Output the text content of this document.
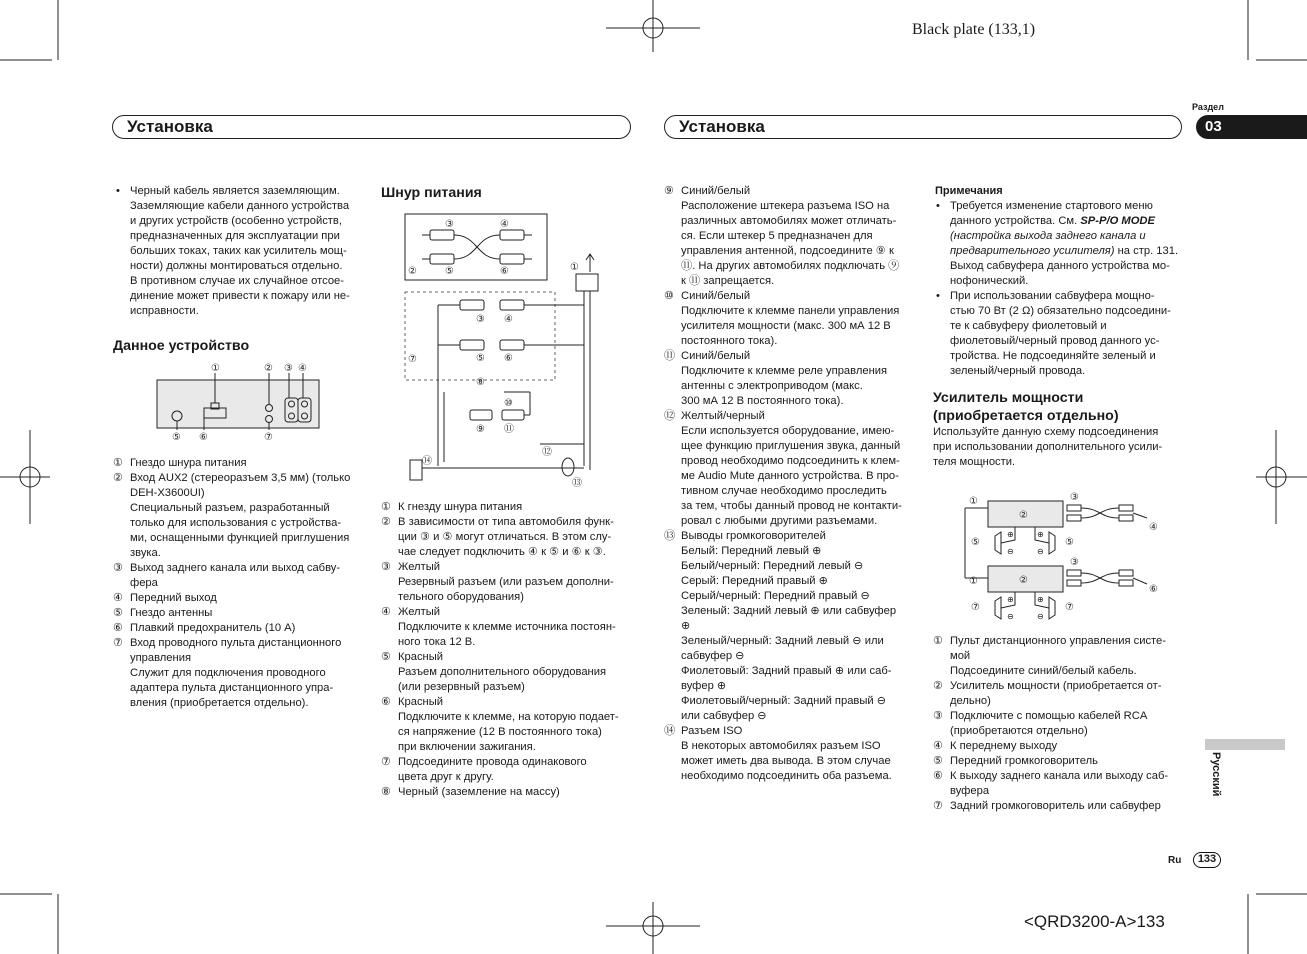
Black plate (133,1)
Раздел
03
Установка	Установка
Русский
Ru	133
<QRD3200-A>133
• Черный кабель является заземляющим.
Заземляющие кабели данного устройства
и других устройств (особенно устройств,
предназначенных для эксплуатации при
больших токах, таких как усилитель мощ-
ности) должны монтироваться отдельно.
В противном случае их случайное отсое-
динение может привести к пожару или не-
исправности.

Данное устройство

①	② ③ ④
⑤ ⑥	⑦
① Гнездо шнура питания
② Вход AUX2 (стереоразъем 3,5 мм) (только
DEH-X3600UI)
Специальный разъем, разработанный
только для использования с устройства-
ми, оснащенными функцией приглушения
звука.
③ Выход заднего канала или выход сабву-
фера
④ Передний выход
⑤ Гнездо антенны
⑥ Плавкий предохранитель (10 А)
⑦ Вход проводного пульта дистанционного
управления
Служит для подключения проводного
адаптера пульта дистанционного упра-
вления (приобретается отдельно).

Шнур питания

③	④
②	⑤	⑥	①
③ ④
⑤ ⑥
⑦
⑧
⑩
⑨ ⑪
⑫
⑭
⑬
① К гнезду шнура питания
② В зависимости от типа автомобиля функ-
ции ③ и ⑤ могут отличаться. В этом слу-
чае следует подключить ④ к ⑤ и ⑥ к ③.
③ Желтый
Резервный разъем (или разъем дополни-
тельного оборудования)
④ Желтый
Подключите к клемме источника постоян-
ного тока 12 В.
⑤ Красный
Разъем дополнительного оборудования
(или резервный разъем)
⑥ Красный
Подключите к клемме, на которую подает-
ся напряжение (12 В постоянного тока)
при включении зажигания.
⑦ Подсоедините провода одинакового
цвета друг к другу.
⑧ Черный (заземление на массу)
⑨ Синий/белый
Расположение штекера разъема ISO на
различных автомобилях может отличать-
ся. Если штекер 5 предназначен для
управления антенной, подсоедините ⑨ к
⑪. На других автомобилях подключать ⑨
к ⑪ запрещается.
⑩ Синий/белый
Подключите к клемме панели управления
усилителя мощности (макс. 300 мА 12 В
постоянного тока).
⑪ Синий/белый
Подключите к клемме реле управления
антенны с электроприводом (макс.
300 мА 12 В постоянного тока).
⑫ Желтый/черный
Если используется оборудование, имею-
щее функцию приглушения звука, данный
провод необходимо подсоединить к клем-
ме Audio Mute данного устройства. В про-
тивном случае необходимо проследить
за тем, чтобы данный провод не контакти-
ровал с любыми другими разъемами.
⑬ Выводы громкоговорителей
Белый: Передний левый ⊕
Белый/черный: Передний левый ⊖
Серый: Передний правый ⊕
Серый/черный: Передний правый ⊖
Зеленый: Задний левый ⊕ или сабвуфер
⊕
Зеленый/черный: Задний левый ⊖ или
сабвуфер ⊖
Фиолетовый: Задний правый ⊕ или саб-
вуфер ⊕
Фиолетовый/черный: Задний правый ⊖
или сабвуфер ⊖
⑭ Разъем ISO
В некоторых автомобилях разъем ISO
может иметь два вывода. В этом случае
необходимо подсоединить оба разъема.

Примечания

• Требуется изменение стартового меню
данного устройства. См. SP-P/O MODE
(настройка выхода заднего канала и
предварительного усилителя) на стр. 131.
Выход сабвуфера данного устройства мо-
нофонический.
• При использовании сабвуфера мощно-
стью 70 Вт (2 Ω) обязательно подсоедини-
те к сабвуферу фиолетовый и
фиолетовый/черный провод данного ус-
тройства. Не подсоединяйте зеленый и
зеленый/черный провода.

Усилитель мощности

(приобретается отдельно)

Используйте данную схему подсоединения
при использовании дополнительного усили-
теля мощности.
②
②
①
①
③
③
④
⑥
⑤	⑤
⑦	⑦
⊕	⊕
⊕	⊕
⊖	⊖
⊖	⊖
① Пульт дистанционного управления систе-
мой
Подсоедините синий/белый кабель.
② Усилитель мощности (приобретается от-
дельно)
③ Подключите с помощью кабелей RCA
(приобретаются отдельно)
④ К переднему выходу
⑤ Передний громкоговоритель
⑥ К выходу заднего канала или выходу саб-
вуфера
⑦ Задний громкоговоритель или сабвуфер
